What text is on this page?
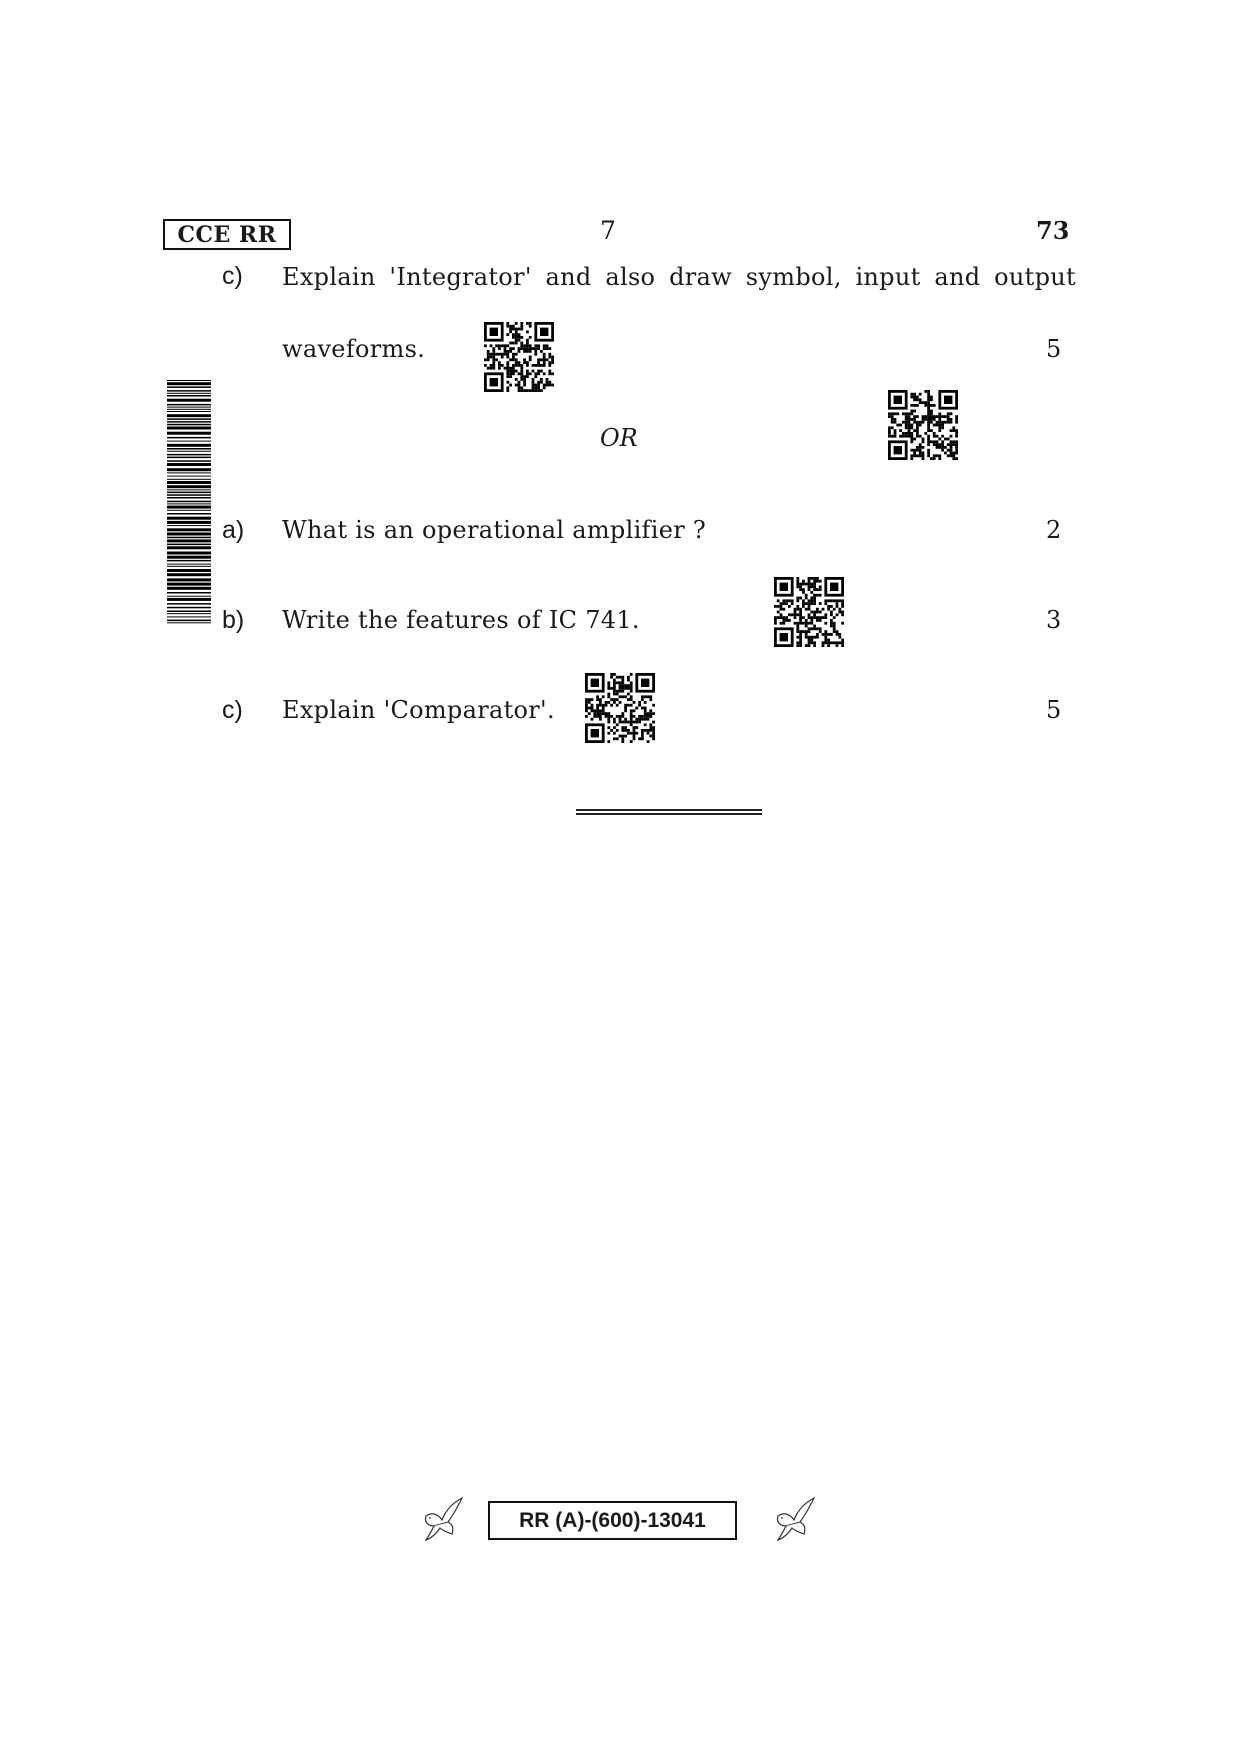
CCE RR	7	73
c) Explain 'Integrator' and also draw symbol, input and output
waveforms.	5
OR
a) What is an operational amplifier ?	2
b) Write the features of IC 741.	3
c) Explain 'Comparator'.	5
RR (A)-(600)-13041
